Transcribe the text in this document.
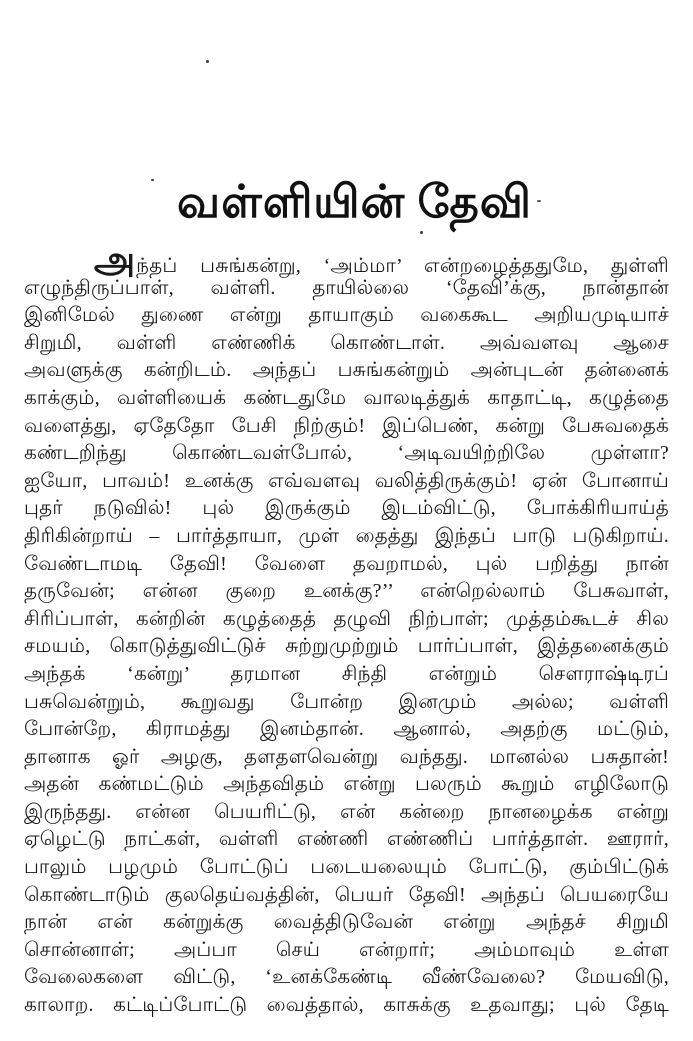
வள்ளியின் தேவி
அந்தப் பசுங்கன்று, ‘அம்மா’ என்றழைத்ததுமே, துள்ளி
எழுந்திருப்பாள், வள்ளி. தாயில்லை ‘தேவி’க்கு, நான்தான்
இனிமேல் துணை என்று தாயாகும் வகைகூட அறியமுடியாச்
சிறுமி, வள்ளி எண்ணிக் கொண்டாள். அவ்வளவு ஆசை
அவளுக்கு கன்றிடம். அந்தப் பசுங்கன்றும் அன்புடன் தன்னைக்
காக்கும், வள்ளியைக் கண்டதுமே வாலடித்துக் காதாட்டி, கழுத்தை
வளைத்து, ஏதேதோ பேசி நிற்கும்! இப்பெண், கன்று பேசுவதைக்
கண்டறிந்து கொண்டவள்போல், ‘அடிவயிற்றிலே முள்ளா?
ஐயோ, பாவம்! உனக்கு எவ்வளவு வலித்திருக்கும்! ஏன் போனாய்
புதர் நடுவில்! புல் இருக்கும் இடம்விட்டு, போக்கிரியாய்த்
திரிகின்றாய் – பார்த்தாயா, முள் தைத்து இந்தப் பாடு படுகிறாய்.
வேண்டாமடி தேவி! வேளை தவறாமல், புல் பறித்து நான்
தருவேன்; என்ன குறை உனக்கு?’’ என்றெல்லாம் பேசுவாள்,
சிரிப்பாள், கன்றின் கழுத்தைத் தழுவி நிற்பாள்; முத்தம்கூடச் சில
சமயம், கொடுத்துவிட்டுச் சுற்றுமுற்றும் பார்ப்பாள், இத்தனைக்கும்
அந்தக் ‘கன்று’ தரமான சிந்தி என்றும் செளராஷ்டிரப்
பசுவென்றும், கூறுவது போன்ற இனமும் அல்ல; வள்ளி
போன்றே, கிராமத்து இனம்தான். ஆனால், அதற்கு மட்டும்,
தானாக ஓர் அழகு, தளதளவென்று வந்தது. மானல்ல பசுதான்!
அதன் கண்மட்டும் அந்தவிதம் என்று பலரும் கூறும் எழிலோடு
இருந்தது. என்ன பெயரிட்டு, என் கன்றை நானழைக்க என்று
ஏழெட்டு நாட்கள், வள்ளி எண்ணி எண்ணிப் பார்த்தாள். ஊரார்,
பாலும் பழமும் போட்டுப் படையலையும் போட்டு, கும்பிட்டுக்
கொண்டாடும் குலதெய்வத்தின், பெயர் தேவி! அந்தப் பெயரையே
நான் என் கன்றுக்கு வைத்திடுவேன் என்று அந்தச் சிறுமி
சொன்னாள்; அப்பா செய் என்றார்; அம்மாவும் உள்ள
வேலைகளை விட்டு, ‘உனக்கேண்டி வீண்வேலை? மேயவிடு,
காலாற. கட்டிப்போட்டு வைத்தால், காசுக்கு உதவாது; புல் தேடி
